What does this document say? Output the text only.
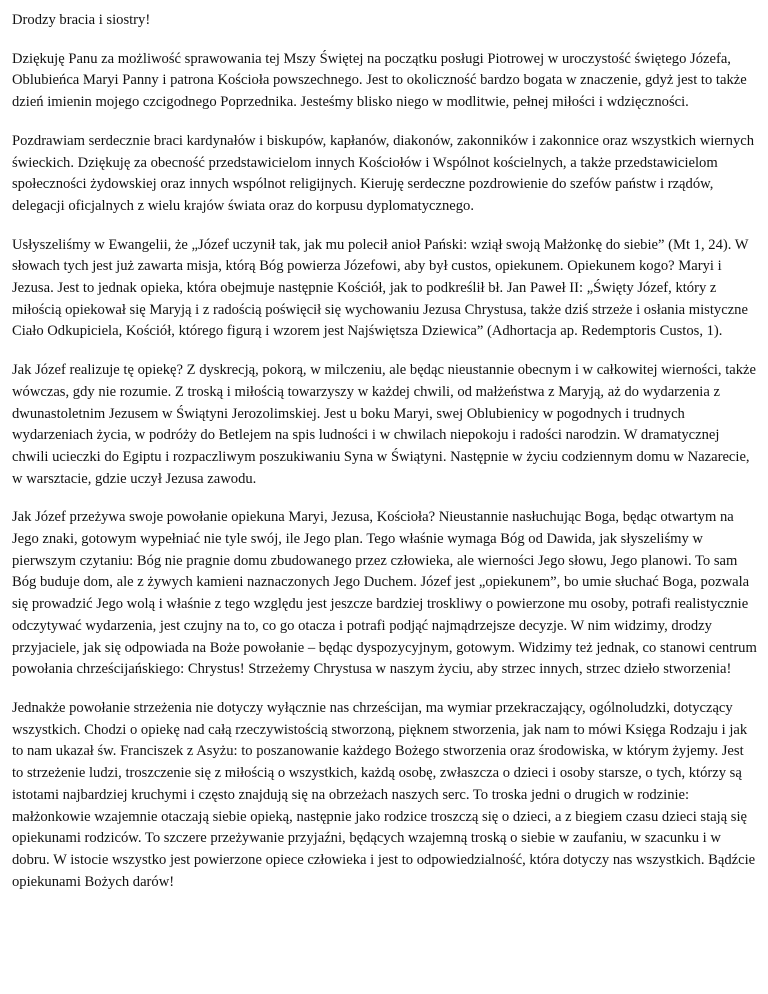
Drodzy bracia i siostry!

Dziękuję Panu za możliwość sprawowania tej Mszy Świętej na początku posługi Piotrowej w uroczystość świętego Józefa, Oblubieńca Maryi Panny i patrona Kościoła powszechnego. Jest to okoliczność bardzo bogata w znaczenie, gdyż jest to także dzień imienin mojego czcigodnego Poprzednika. Jesteśmy blisko niego w modlitwie, pełnej miłości i wdzięczności.

Pozdrawiam serdecznie braci kardynałów i biskupów, kapłanów, diakonów, zakonników i zakonnice oraz wszystkich wiernych świeckich. Dziękuję za obecność przedstawicielom innych Kościołów i Wspólnot kościelnych, a także przedstawicielom społeczności żydowskiej oraz innych wspólnot religijnych. Kieruję serdeczne pozdrowienie do szefów państw i rządów, delegacji oficjalnych z wielu krajów świata oraz do korpusu dyplomatycznego.

Usłyszeliśmy w Ewangelii, że „Józef uczynił tak, jak mu polecił anioł Pański: wziął swoją Małżonkę do siebie” (Mt 1, 24). W słowach tych jest już zawarta misja, którą Bóg powierza Józefowi, aby był custos, opiekunem. Opiekunem kogo? Maryi i Jezusa. Jest to jednak opieka, która obejmuje następnie Kościół, jak to podkreślił bł. Jan Paweł II: „Święty Józef, który z miłością opiekował się Maryją i z radością poświęcił się wychowaniu Jezusa Chrystusa, także dziś strzeże i osłania mistyczne Ciało Odkupiciela, Kościół, którego figurą i wzorem jest Najświętsza Dziewica” (Adhortacja ap. Redemptoris Custos, 1).

Jak Józef realizuje tę opiekę? Z dyskrecją, pokorą, w milczeniu, ale będąc nieustannie obecnym i w całkowitej wierności, także wówczas, gdy nie rozumie. Z troską i miłością towarzyszy w każdej chwili, od małżeństwa z Maryją, aż do wydarzenia z dwunastoletnim Jezusem w Świątyni Jerozolimskiej. Jest u boku Maryi, swej Oblubienicy w pogodnych i trudnych wydarzeniach życia, w podróży do Betlejem na spis ludności i w chwilach niepokoju i radości narodzin. W dramatycznej chwili ucieczki do Egiptu i rozpaczliwym poszukiwaniu Syna w Świątyni. Następnie w życiu codziennym domu w Nazarecie, w warsztacie, gdzie uczył Jezusa zawodu.

Jak Józef przeżywa swoje powołanie opiekuna Maryi, Jezusa, Kościoła? Nieustannie nasłuchując Boga, będąc otwartym na Jego znaki, gotowym wypełniać nie tyle swój, ile Jego plan. Tego właśnie wymaga Bóg od Dawida, jak słyszeliśmy w pierwszym czytaniu: Bóg nie pragnie domu zbudowanego przez człowieka, ale wierności Jego słowu, Jego planowi. To sam Bóg buduje dom, ale z żywych kamieni naznaczonych Jego Duchem. Józef jest „opiekunem”, bo umie słuchać Boga, pozwala się prowadzić Jego wolą i właśnie z tego względu jest jeszcze bardziej troskliwy o powierzone mu osoby, potrafi realistycznie odczytywać wydarzenia, jest czujny na to, co go otacza i potrafi podjąć najmądrzejsze decyzje. W nim widzimy, drodzy przyjaciele, jak się odpowiada na Boże powołanie – będąc dyspozycyjnym, gotowym. Widzimy też jednak, co stanowi centrum powołania chrześcijańskiego: Chrystus! Strzeżemy Chrystusa w naszym życiu, aby strzec innych, strzec dzieło stworzenia!

Jednakże powołanie strzeżenia nie dotyczy wyłącznie nas chrześcijan, ma wymiar przekraczający, ogólnoludzki, dotyczący wszystkich. Chodzi o opiekę nad całą rzeczywistością stworzoną, pięknem stworzenia, jak nam to mówi Księga Rodzaju i jak to nam ukazał św. Franciszek z Asyżu: to poszanowanie każdego Bożego stworzenia oraz środowiska, w którym żyjemy. Jest to strzeżenie ludzi, troszczenie się z miłością o wszystkich, każdą osobę, zwłaszcza o dzieci i osoby starsze, o tych, którzy są istotami najbardziej kruchymi i często znajdują się na obrzeżach naszych serc. To troska jedni o drugich w rodzinie: małżonkowie wzajemnie otaczają siebie opieką, następnie jako rodzice troszczą się o dzieci, a z biegiem czasu dzieci stają się opiekunami rodziców. To szczere przeżywanie przyjaźni, będących wzajemną troską o siebie w zaufaniu, w szacunku i w dobru. W istocie wszystko jest powierzone opiece człowieka i jest to odpowiedzialność, która dotyczy nas wszystkich. Bądźcie opiekunami Bożych darów!
